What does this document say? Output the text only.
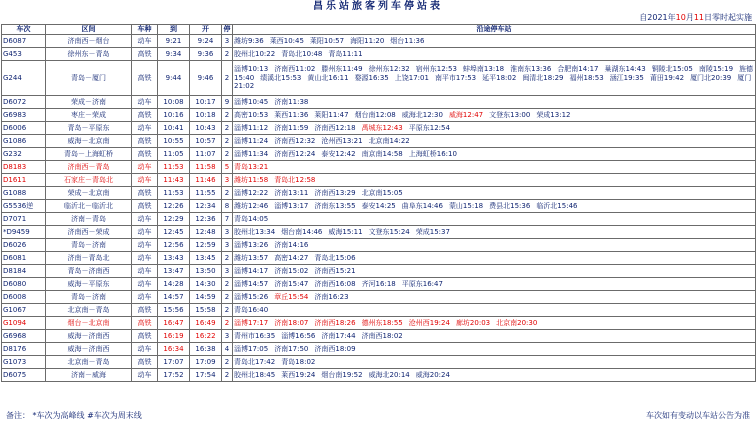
昌乐站旅客列车停站表
自2021年10月11日零时起实施
车次	区间	车种	到	开	停	沿途停车站
D6087	济南西－烟台	动车	9:21	9:24	3	潍坊9:36 莱西10:45 莱阳10:57 海阳11:20 烟台11:36
G453	徐州东－青岛	高铁	9:34	9:36	2	胶州北10:22 青岛北10:48 青岛11:11
G244	青岛－厦门	高铁	9:44	9:46	2	淄博10:13 济南西11:02 滕州东11:49 徐州东12:32 宿州东12:53 蚌埠南13:18 淮南东13:36 合肥南14:17 巢湖东14:43 铜陵北15:05 南陵15:19 旌德15:40 绩溪北15:53 黄山北16:11 婺源16:35 上饶17:01 南平市17:53 延平18:02 闽清北18:29 福州18:53 涵江19:35 莆田19:42 厦门北20:39 厦门21:02
D6072	荣成－济南	动车	10:08	10:17	9	淄博10:45 济南11:38
G6983	枣庄－荣成	高铁	10:16	10:18	2	高密10:53 莱西11:36 莱阳11:47 烟台南12:08 威海北12:30 威海12:47 文登东13:00 荣成13:12
D6006	青岛－平原东	动车	10:41	10:43	2	淄博11:12 济南11:59 济南西12:18 禹城东12:43 平原东12:54
G1086	威海－北京南	高铁	10:55	10:57	2	淄博11:24 济南西12:32 沧州西13:21 北京南14:22
G232	青岛－上海虹桥	高铁	11:05	11:07	2	淄博11:34 济南西12:24 泰安12:42 南京南14:58 上海虹桥16:10
D8183	济南西－青岛	动车	11:53	11:58	5	青岛13:21
D1611	石家庄－青岛北	动车	11:43	11:46	3	潍坊11:58 青岛北12:58
G1088	荣成－北京南	高铁	11:53	11:55	2	淄博12:22 济南13:11 济南西13:29 北京南15:05
G5536逆	临沂北－临沂北	高铁	12:26	12:34	8	潍坊12:46 淄博13:17 济南东13:55 泰安14:25 曲阜东14:46 蒙山15:18 费县北15:36 临沂北15:46
D7071	济南－青岛	动车	12:29	12:36	7	青岛14:05
*D9459	济南西－荣成	动车	12:45	12:48	3	胶州北13:34 烟台南14:46 威海15:11 文登东15:24 荣成15:37
D6026	青岛－济南	动车	12:56	12:59	3	淄博13:26 济南14:16
D6081	济南－青岛北	动车	13:43	13:45	2	潍坊13:57 高密14:27 青岛北15:06
D8184	青岛－济南西	动车	13:47	13:50	3	淄博14:17 济南15:02 济南西15:21
D6080	威海－平原东	动车	14:28	14:30	2	淄博14:57 济南15:47 济南西16:08 齐河16:18 平原东16:47
D6008	青岛－济南	动车	14:57	14:59	2	淄博15:26 章丘15:54 济南16:23
G1067	北京南－青岛	高铁	15:56	15:58	2	青岛16:40
G1094	烟台－北京南	高铁	16:47	16:49	2	淄博17:17 济南18:07 济南西18:26 德州东18:55 沧州西19:24 廊坊20:03 北京南20:30
G6968	威海－济南西	高铁	16:19	16:22	3	青州市16:35 淄博16:56 济南17:44 济南西18:02
D8176	威海－济南西	动车	16:34	16:38	4	淄博17:05 济南17:50 济南西18:09
G1073	北京南－青岛	高铁	17:07	17:09	2	青岛北17:42 青岛18:02
D6075	济南－威海	动车	17:52	17:54	2	胶州北18:45 莱西19:24 烟台南19:52 威海北20:14 威海20:24
备注： *车次为高峰线 #车次为周末线	车次如有变动以车站公告为准
